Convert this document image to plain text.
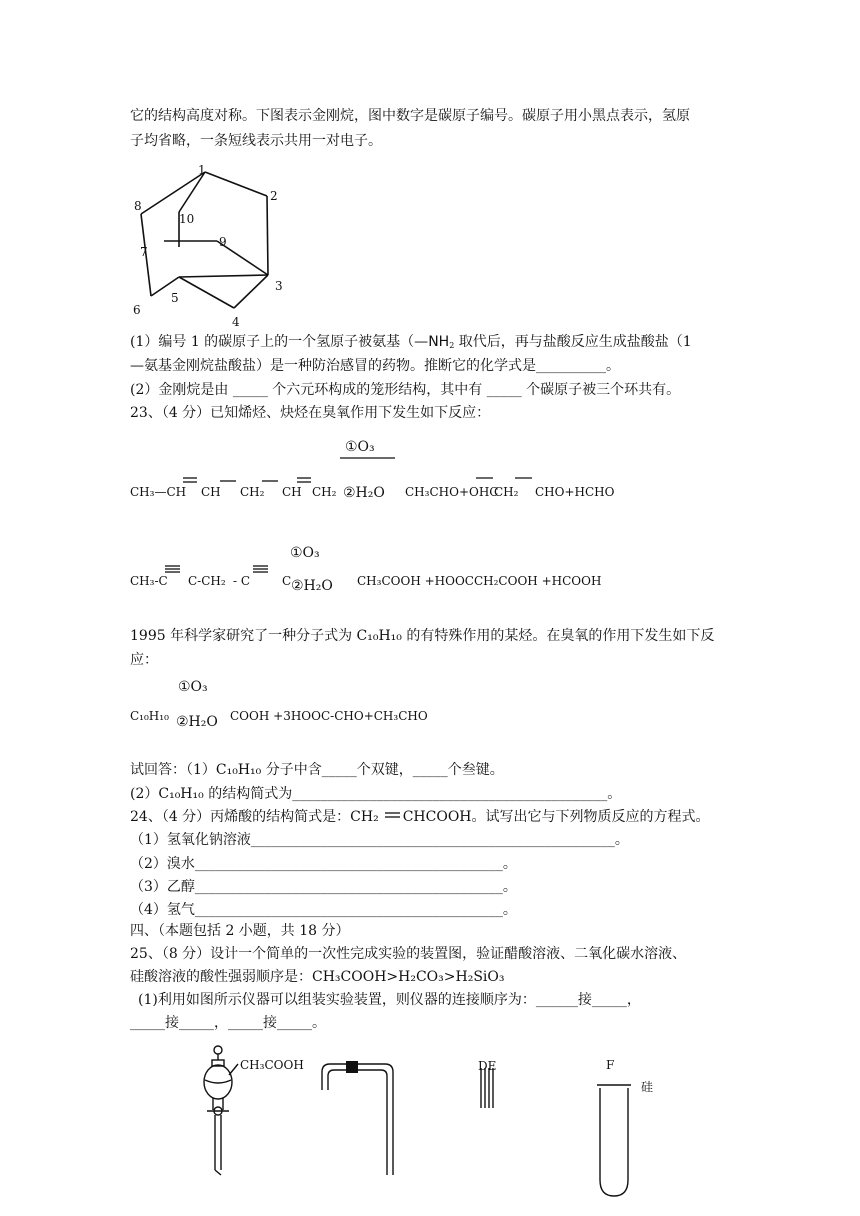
它的结构高度对称。下图表示金刚烷，图中数字是碳原子编号。碳原子用小黑点表示，氢原
子均省略，一条短线表示共用一对电子。
1
2
3
4
5
6
7
8
9
10
(1）编号 1 的碳原子上的一个氢原子被氨基（$—NH_2$ 取代后，再与盐酸反应生成盐酸盐（1
—氨基金刚烷盐酸盐）是一种防治感冒的药物。推断它的化学式是__________。
(2）金刚烷是由 _____ 个六元环构成的笼形结构，其中有 _____ 个碳原子被三个环共有。
23、（4 分）已知烯烃、炔烃在臭氧作用下发生如下反应：
①O₃
CH₃—CH CH CH₂ CH CH₂ ②H₂O CH₃CHO+OHC
CH₂ CHO+HCHO
①O₃
CH₃-C C-CH₂ - C	C ②H₂O CH₃COOH +HOOCCH₂COOH +HCOOH
1995 年科学家研究了一种分子式为 C₁₀H₁₀ 的有特殊作用的某烃。在臭氧的作用下发生如下反
应：
①O₃
C₁₀H₁₀ ②H₂O COOH +3HOOC-CHO+CH₃CHO
试回答：（1）C₁₀H₁₀ 分子中含_____个双键，_____个叁键。
(2）C₁₀H₁₀ 的结构简式为_____________________________________________。
24、（4 分）丙烯酸的结构简式是：CH₂ CHCOOH。试写出它与下列物质反应的方程式。
（1）氢氧化钠溶液____________________________________________________。
（2）溴水____________________________________________。
（3）乙醇____________________________________________。
（4）氢气____________________________________________。
四、（本题包括 2 小题，共 18 分）
25、（8 分）设计一个简单的一次性完成实验的装置图，验证醋酸溶液、二氧化碳水溶液、
硅酸溶液的酸性强弱顺序是：CH₃COOH>H₂CO₃>H₂SiO₃
(1)利用如图所示仪器可以组装实验装置，则仪器的连接顺序为：______接_____，
_____接_____，_____接_____。
CH₃COOH	DE	F
硅
